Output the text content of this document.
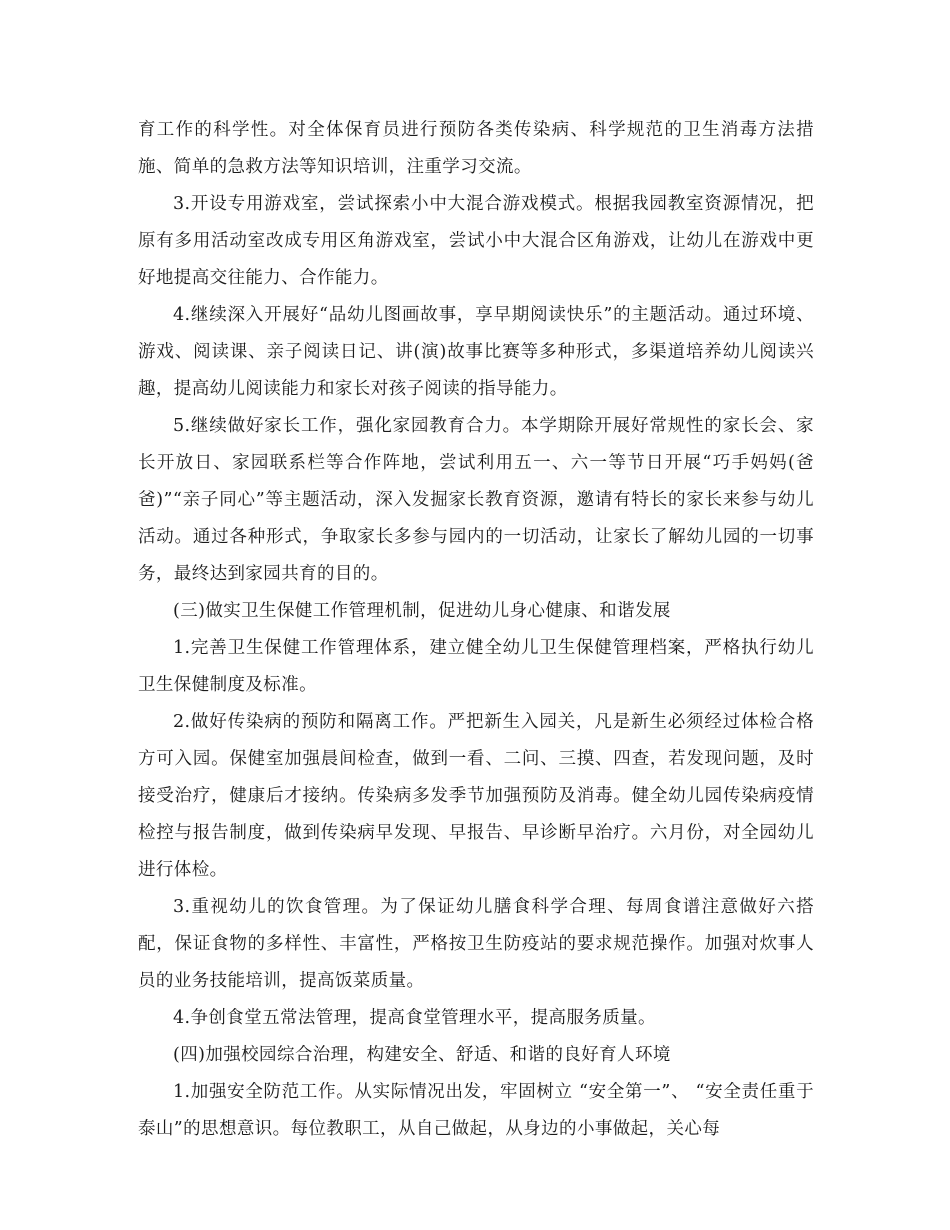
育工作的科学性。对全体保育员进行预防各类传染病、科学规范的卫生消毒方法措施、简单的急救方法等知识培训，注重学习交流。

3.开设专用游戏室，尝试探索小中大混合游戏模式。根据我园教室资源情况，把原有多用活动室改成专用区角游戏室，尝试小中大混合区角游戏，让幼儿在游戏中更好地提高交往能力、合作能力。

4.继续深入开展好“品幼儿图画故事，享早期阅读快乐”的主题活动。通过环境、游戏、阅读课、亲子阅读日记、讲(演)故事比赛等多种形式，多渠道培养幼儿阅读兴趣，提高幼儿阅读能力和家长对孩子阅读的指导能力。

5.继续做好家长工作，强化家园教育合力。本学期除开展好常规性的家长会、家长开放日、家园联系栏等合作阵地，尝试利用五一、六一等节日开展“巧手妈妈(爸爸)”“亲子同心”等主题活动，深入发掘家长教育资源，邀请有特长的家长来参与幼儿活动。通过各种形式，争取家长多参与园内的一切活动，让家长了解幼儿园的一切事务，最终达到家园共育的目的。

(三)做实卫生保健工作管理机制，促进幼儿身心健康、和谐发展

1.完善卫生保健工作管理体系，建立健全幼儿卫生保健管理档案，严格执行幼儿卫生保健制度及标准。

2.做好传染病的预防和隔离工作。严把新生入园关，凡是新生必须经过体检合格方可入园。保健室加强晨间检查，做到一看、二问、三摸、四查，若发现问题，及时接受治疗，健康后才接纳。传染病多发季节加强预防及消毒。健全幼儿园传染病疫情检控与报告制度，做到传染病早发现、早报告、早诊断早治疗。六月份，对全园幼儿进行体检。

3.重视幼儿的饮食管理。为了保证幼儿膳食科学合理、每周食谱注意做好六搭配，保证食物的多样性、丰富性，严格按卫生防疫站的要求规范操作。加强对炊事人员的业务技能培训，提高饭菜质量。

4.争创食堂五常法管理，提高食堂管理水平，提高服务质量。

(四)加强校园综合治理，构建安全、舒适、和谐的良好育人环境

1.加强安全防范工作。从实际情况出发，牢固树立 “安全第一”、 “安全责任重于泰山”的思想意识。每位教职工，从自己做起，从身边的小事做起，关心每
